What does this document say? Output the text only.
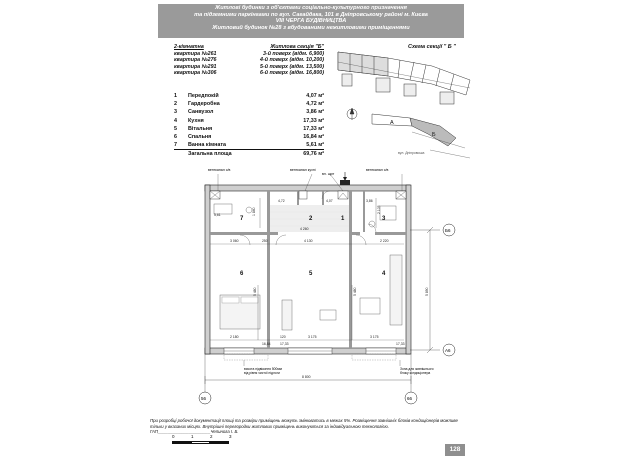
Житлові будинки з об'єктами соціально-культурного призначення
та підземними паркінгами по вул. Сагайдака, 101 в Дніпровському районі м. Києва
VIII ЧЕРГА БУДІВНИЦТВА
Житловий будинок №28 з вбудованими нежитловими приміщеннями
2-кімнатна	Житлова секція "Б"
квартира №261	3-й поверх (відм. 6,900)
квартира №276	4-й поверх (відм. 10,200)
квартира №291	5-й поверх (відм. 13,500)
квартира №306	6-й поверх (відм. 16,800)
1	Передпокій	4,07 м²
2	Гардеробна	4,72 м²
3	Санвузол	3,86 м²
4	Кухня	17,33 м²
5	Вітальня	17,33 м²
6	Спальня	16,84 м²
7	Ванна кімната	5,61 м²
Загальна площа	69,76 м²
Схема секції " Б "
A
Б
вул. Дніпровська
Б6
А6
56	66
вентканал с/в	вентканал кухні
вл. щит
вентканал с/в
7	2	1	3
6	5	4
5,61
4,72	4,07	3,86
1 840
4 260
2 105
3 060	250	4 130	2 220
2 180	120	3 175	3 175
16,84	17,33	17,33
5 480	5 480	5 890
8 800
висота підвіконня 500мм
від рівня чистої підлоги
Зона для зовнішнього
блоку кондиціонера
При розробці робочої документації площі та розміри приміщень можуть змінюватись в межах 5%. Розміщення зовнішніх блоків кондиціонерів можливе тільки у вказаних місцях. Внутрішні перегородки житлових приміщень виконуються за індивідуальною технологією. ГАП______________________Чепинога І. Б.
0	1	2	3
128
